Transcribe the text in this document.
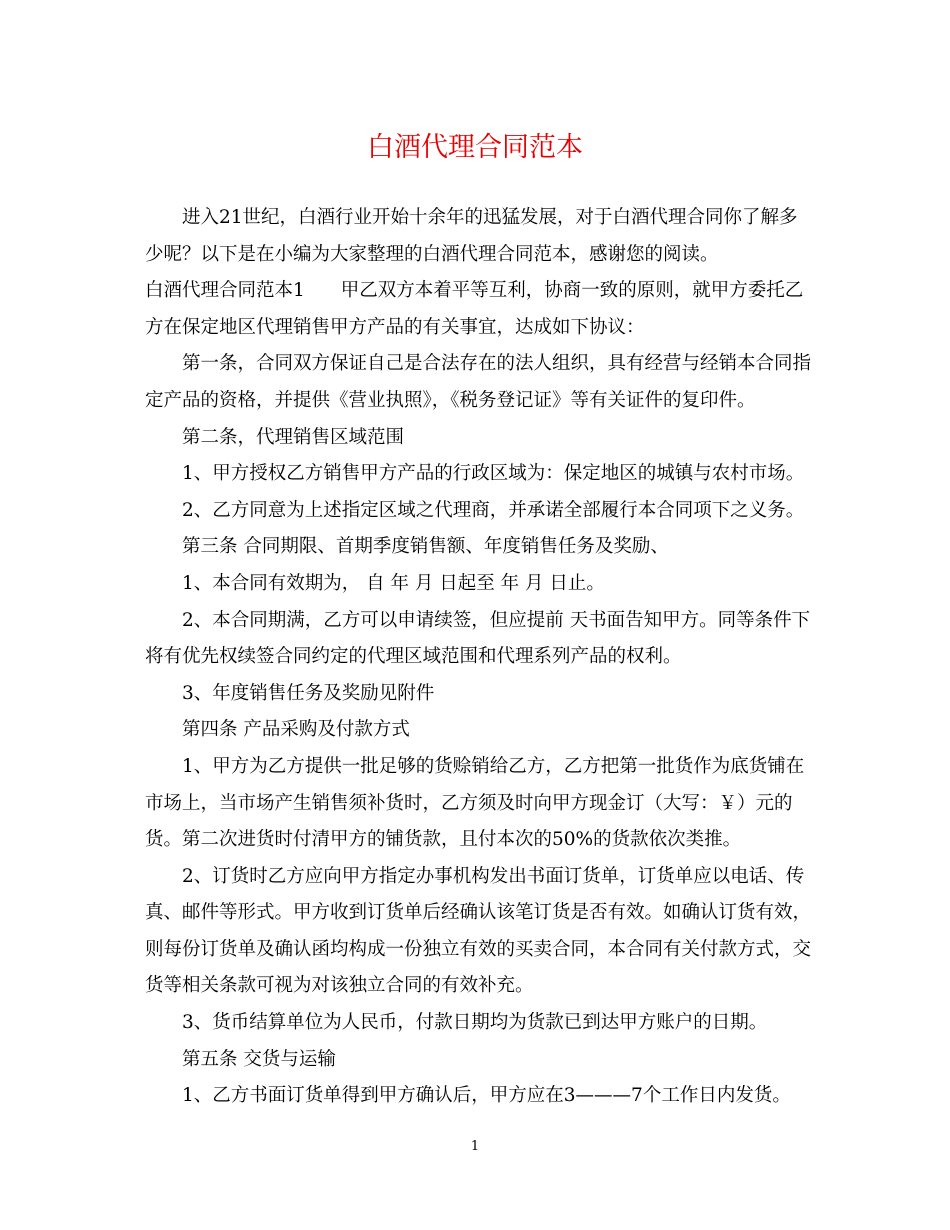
白酒代理合同范本

进入21世纪，白酒行业开始十余年的迅猛发展，对于白酒代理合同你了解多少呢？以下是在小编为大家整理的白酒代理合同范本，感谢您的阅读。

白酒代理合同范本1 甲乙双方本着平等互利，协商一致的原则，就甲方委托乙方在保定地区代理销售甲方产品的有关事宜，达成如下协议：

第一条，合同双方保证自己是合法存在的法人组织，具有经营与经销本合同指定产品的资格，并提供《营业执照》，《税务登记证》等有关证件的复印件。

第二条，代理销售区域范围

1、甲方授权乙方销售甲方产品的行政区域为：保定地区的城镇与农村市场。

2、乙方同意为上述指定区域之代理商，并承诺全部履行本合同项下之义务。

第三条 合同期限、首期季度销售额、年度销售任务及奖励、

1、本合同有效期为， 自 年 月 日起至 年 月 日止。

2、本合同期满，乙方可以申请续签，但应提前 天书面告知甲方。同等条件下将有优先权续签合同约定的代理区域范围和代理系列产品的权利。

3、年度销售任务及奖励见附件

第四条 产品采购及付款方式

1、甲方为乙方提供一批足够的货赊销给乙方，乙方把第一批货作为底货铺在市场上，当市场产生销售须补货时，乙方须及时向甲方现金订（大写：￥）元的货。第二次进货时付清甲方的铺货款，且付本次的50%的货款依次类推。

2、订货时乙方应向甲方指定办事机构发出书面订货单，订货单应以电话、传真、邮件等形式。甲方收到订货单后经确认该笔订货是否有效。如确认订货有效，则每份订货单及确认函均构成一份独立有效的买卖合同，本合同有关付款方式，交货等相关条款可视为对该独立合同的有效补充。

3、货币结算单位为人民币，付款日期均为货款已到达甲方账户的日期。

第五条 交货与运输

1、乙方书面订货单得到甲方确认后，甲方应在3———7个工作日内发货。

1
